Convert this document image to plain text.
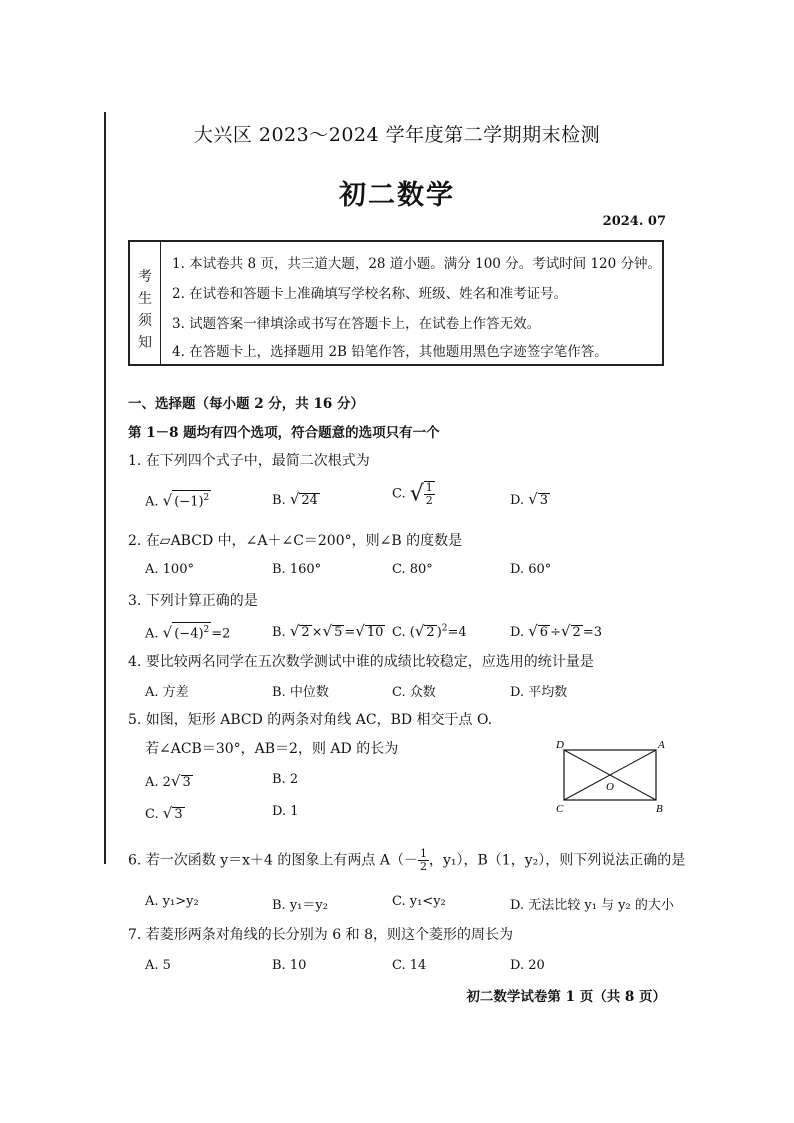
大兴区 2023～2024 学年度第二学期期末检测
初二数学
2024. 07
考
生
须
知
1. 本试卷共 8 页，共三道大题，28 道小题。满分 100 分。考试时间 120 分钟。
2. 在试卷和答题卡上准确填写学校名称、班级、姓名和准考证号。
3. 试题答案一律填涂或书写在答题卡上，在试卷上作答无效。
4. 在答题卡上，选择题用 2B 铅笔作答，其他题用黑色字迹签字笔作答。
一、选择题（每小题 2 分，共 16 分）
第 1－8 题均有四个选项，符合题意的选项只有一个
1. 在下列四个式子中，最简二次根式为
A. √ $(-1)^2$	B. √ 24	C. √ $\frac{1}{2}$	D. √ 3
2. 在▱ABCD 中，∠A＋∠C＝200°，则∠B 的度数是
A. 100°	B. 160°	C. 80°	D. 60°
3. 下列计算正确的是
A. √ $(-4)^2 =2$	B. √ 2 ×√ 5 =√ 10 C. (√ 2 )$^2$=4	D. √ 6 ÷√ 2 =3
4. 要比较两名同学在五次数学测试中谁的成绩比较稳定，应选用的统计量是
A. 方差	B. 中位数	C. 众数	D. 平均数
5. 如图，矩形 ABCD 的两条对角线 AC，BD 相交于点 O.
若∠ACB＝30°，AB＝2，则 AD 的长为
A. 2√ 3	B. 2
C. √ 3	D. 1
D	A
C	B
O
6. 若一次函数 y＝x＋4 的图象上有两点 $A(- \frac{1}{2}$ ，y₁），B（1，y₂），则下列说法正确的是
A. y₁>y₂	B. y₁＝y₂	C. y₁<y₂	D. 无法比较 y₁ 与 y₂ 的大小
7. 若菱形两条对角线的长分别为 6 和 8，则这个菱形的周长为
A. 5	B. 10	C. 14	D. 20
初二数学试卷第 1 页（共 8 页）
